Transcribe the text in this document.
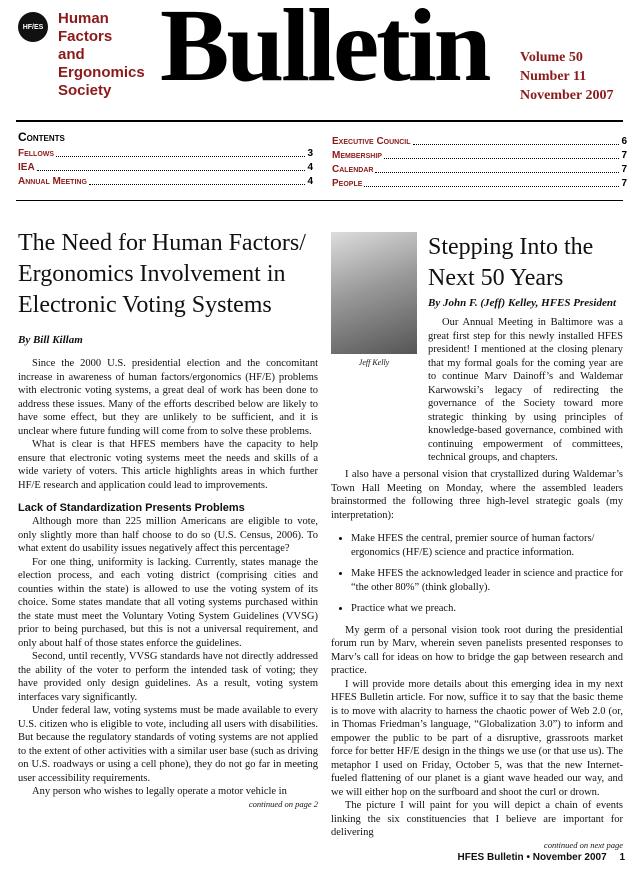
HF/ES Human
Factors
and
Ergonomics
Society Bulletin Volume 50
Number 11
November 2007
Contents
Fellows	3
IEA	4
Annual Meeting	4
Executive Council	6
Membership	7
Calendar	7
People	7
The Need for Human Factors/ Ergonomics Involvement in Electronic Voting Systems
By Bill Killam

Since the 2000 U.S. presidential election and the concomitant increase in awareness of human factors/ergonomics (HF/E) problems with electronic voting systems, a great deal of work has been done to address these issues. Many of the efforts described below are likely to have some effect, but they are unlikely to be sufficient, and it is unclear where future funding will come from to solve these problems.

What is clear is that HFES members have the capacity to help ensure that electronic voting systems meet the needs and skills of a wide variety of voters. This article highlights areas in which further HF/E research and application could lead to improvements.

Lack of Standardization Presents Problems

Although more than 225 million Americans are eligible to vote, only slightly more than half choose to do so (U.S. Census, 2006). To what extent do usability issues negatively affect this percentage?

For one thing, uniformity is lacking. Currently, states manage the election process, and each voting district (comprising cities and counties within the state) is allowed to use the voting system of its choice. Some states mandate that all voting systems purchased within the state must meet the Voluntary Voting System Guidelines (VVSG) prior to being purchased, but this is not a universal requirement, and only about half of those states enforce the guidelines.

Second, until recently, VVSG standards have not directly addressed the ability of the voter to perform the intended task of voting; they have provided only design guidelines. As a result, voting system interfaces vary significantly.

Under federal law, voting systems must be made available to every U.S. citizen who is eligible to vote, including all users with disabilities. But because the regulatory standards of voting systems are not applied to the extent of other activities with a similar user base (such as driving on U.S. roadways or using a cell phone), they do not go far in meeting user accessibility requirements.

Any person who wishes to legally operate a motor vehicle in

continued on page 2
Jeff Kelly
Stepping Into the Next 50 Years
By John F. (Jeff) Kelley, HFES President

Our Annual Meeting in Baltimore was a great first step for this newly installed HFES president! I mentioned at the closing plenary that my formal goals for the coming year are to continue Marv Dainoff’s and Waldemar Karwowski’s legacy of redirecting the governance of the Society toward more strategic thinking by using principles of knowledge-based governance, combined with continuing empowerment of committees, technical groups, and chapters.

I also have a personal vision that crystallized during Waldemar’s Town Hall Meeting on Monday, where the assembled leaders brainstormed the following three high-level strategic goals (my interpretation):

• Make HFES the central, premier source of human factors/ ergonomics (HF/E) science and practice information.
• Make HFES the acknowledged leader in science and practice for “the other 80%” (think globally).
• Practice what we preach.

My germ of a personal vision took root during the presidential forum run by Marv, wherein seven panelists presented responses to Marv’s call for ideas on how to bridge the gap between research and practice.

I will provide more details about this emerging idea in my next HFES Bulletin article. For now, suffice it to say that the basic theme is to move with alacrity to harness the chaotic power of Web 2.0 (or, in Thomas Friedman’s language, “Globalization 3.0”) to inform and empower the public to be part of a disruptive, grassroots market force for better HF/E design in the things we use (or that use us). The metaphor I used on Friday, October 5, was that the new Internet-fueled flattening of our planet is a giant wave headed our way, and we will either hop on the surfboard and shoot the curl or drown.

The picture I will paint for you will depict a chain of events linking the six constituencies that I believe are important for delivering

continued on next page
HFES Bulletin • November 2007 1
